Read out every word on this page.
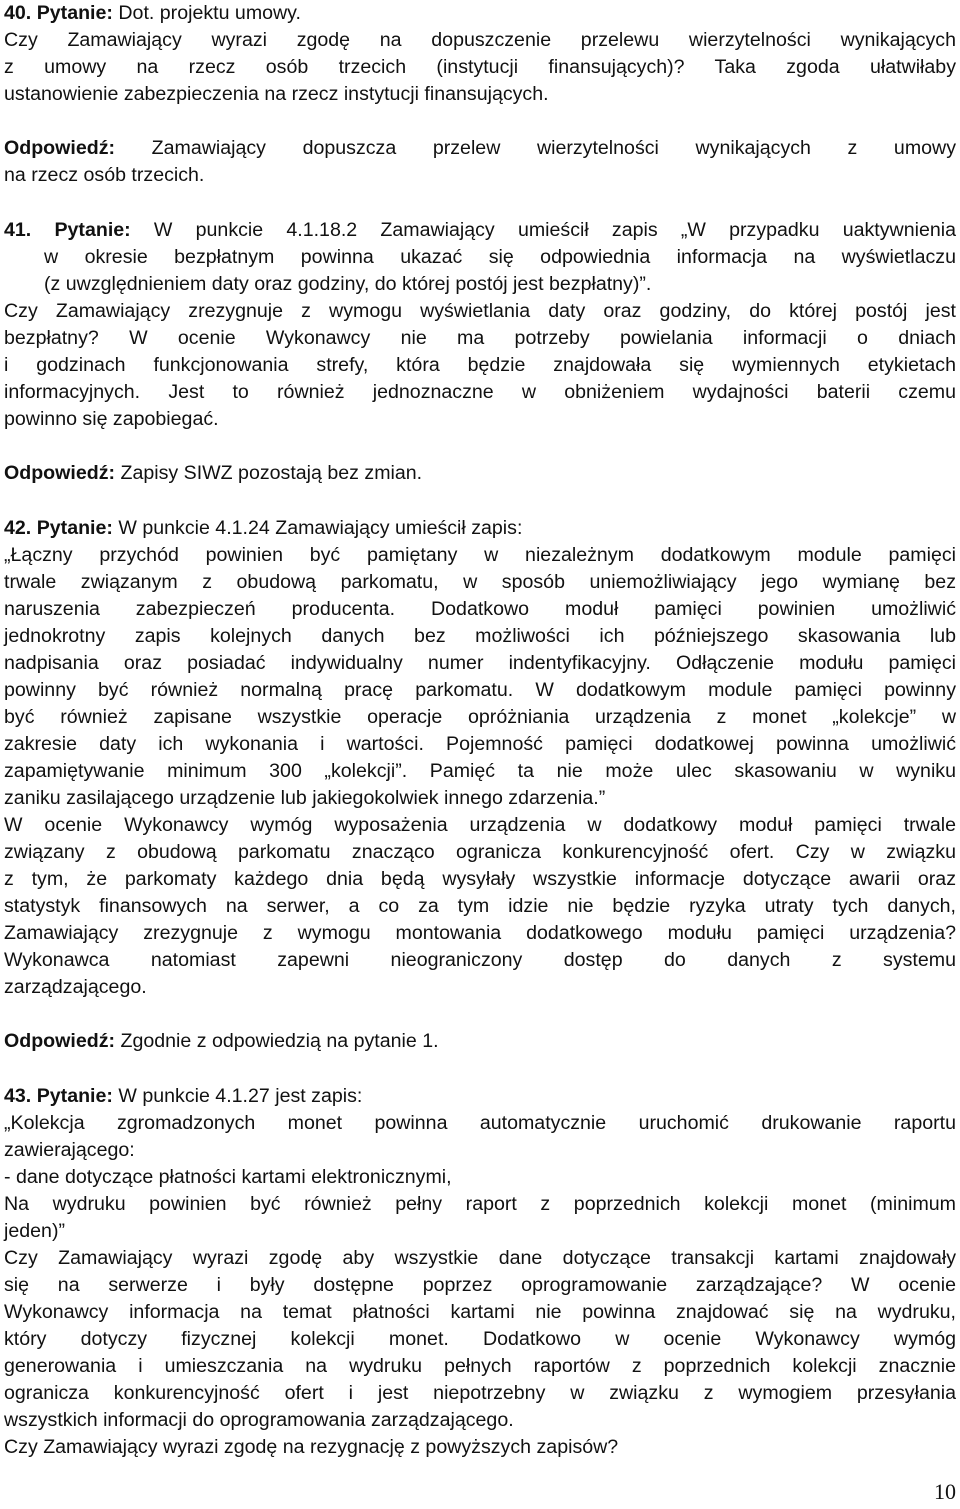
40. Pytanie: Dot. projektu umowy.
Czy Zamawiający wyrazi zgodę na dopuszczenie przelewu wierzytelności wynikających
z umowy na rzecz osób trzecich (instytucji finansujących)? Taka zgoda ułatwiłaby
ustanowienie zabezpieczenia na rzecz instytucji finansujących.
Odpowiedź: Zamawiający dopuszcza przelew wierzytelności wynikających z umowy
na rzecz osób trzecich.
41. Pytanie: W punkcie 4.1.18.2 Zamawiający umieścił zapis „W przypadku uaktywnienia
w okresie bezpłatnym powinna ukazać się odpowiednia informacja na wyświetlaczu
(z uwzględnieniem daty oraz godziny, do której postój jest bezpłatny)”.
Czy Zamawiający zrezygnuje z wymogu wyświetlania daty oraz godziny, do której postój jest
bezpłatny? W ocenie Wykonawcy nie ma potrzeby powielania informacji o dniach
i godzinach funkcjonowania strefy, która będzie znajdowała się wymiennych etykietach
informacyjnych. Jest to również jednoznaczne w obniżeniem wydajności baterii czemu
powinno się zapobiegać.
Odpowiedź: Zapisy SIWZ pozostają bez zmian.
42. Pytanie: W punkcie 4.1.24 Zamawiający umieścił zapis:
„Łączny przychód powinien być pamiętany w niezależnym dodatkowym module pamięci
trwale związanym z obudową parkomatu, w sposób uniemożliwiający jego wymianę bez
naruszenia zabezpieczeń producenta. Dodatkowo moduł pamięci powinien umożliwić
jednokrotny zapis kolejnych danych bez możliwości ich późniejszego skasowania lub
nadpisania oraz posiadać indywidualny numer indentyfikacyjny. Odłączenie modułu pamięci
powinny być również normalną pracę parkomatu. W dodatkowym module pamięci powinny
być również zapisane wszystkie operacje opróżniania urządzenia z monet „kolekcje” w
zakresie daty ich wykonania i wartości. Pojemność pamięci dodatkowej powinna umożliwić
zapamiętywanie minimum 300 „kolekcji”. Pamięć ta nie może ulec skasowaniu w wyniku
zaniku zasilającego urządzenie lub jakiegokolwiek innego zdarzenia.”
W ocenie Wykonawcy wymóg wyposażenia urządzenia w dodatkowy moduł pamięci trwale
związany z obudową parkomatu znacząco ogranicza konkurencyjność ofert. Czy w związku
z tym, że parkomaty każdego dnia będą wysyłały wszystkie informacje dotyczące awarii oraz
statystyk finansowych na serwer, a co za tym idzie nie będzie ryzyka utraty tych danych,
Zamawiający zrezygnuje z wymogu montowania dodatkowego modułu pamięci urządzenia?
Wykonawca natomiast zapewni nieograniczony dostęp do danych z systemu
zarządzającego.
Odpowiedź: Zgodnie z odpowiedzią na pytanie 1.
43. Pytanie: W punkcie 4.1.27 jest zapis:
„Kolekcja zgromadzonych monet powinna automatycznie uruchomić drukowanie raportu
zawierającego:
- dane dotyczące płatności kartami elektronicznymi,
Na wydruku powinien być również pełny raport z poprzednich kolekcji monet (minimum
jeden)”
Czy Zamawiający wyrazi zgodę aby wszystkie dane dotyczące transakcji kartami znajdowały
się na serwerze i były dostępne poprzez oprogramowanie zarządzające? W ocenie
Wykonawcy informacja na temat płatności kartami nie powinna znajdować się na wydruku,
który dotyczy fizycznej kolekcji monet. Dodatkowo w ocenie Wykonawcy wymóg
generowania i umieszczania na wydruku pełnych raportów z poprzednich kolekcji znacznie
ogranicza konkurencyjność ofert i jest niepotrzebny w związku z wymogiem przesyłania
wszystkich informacji do oprogramowania zarządzającego.
Czy Zamawiający wyrazi zgodę na rezygnację z powyższych zapisów?
10
